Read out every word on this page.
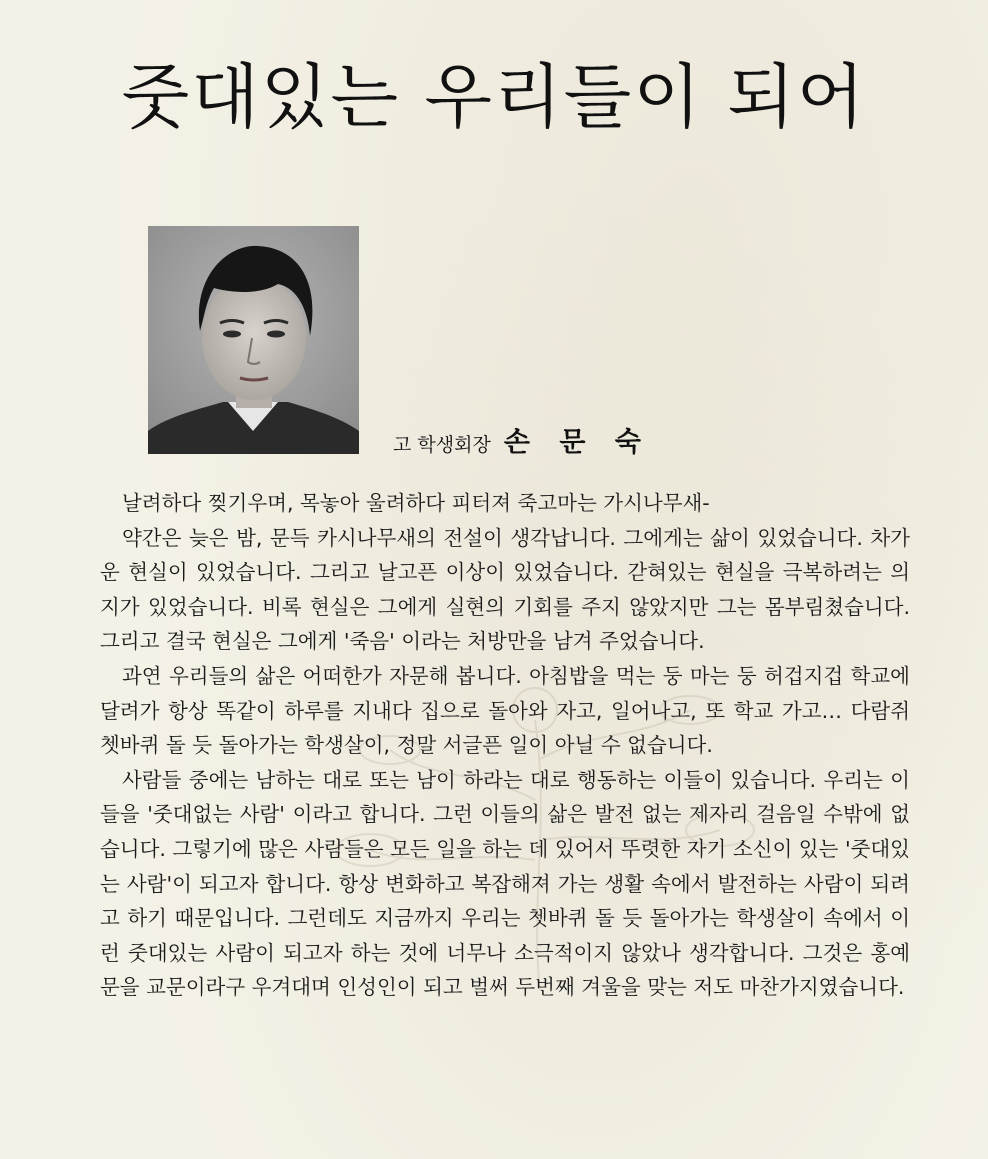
줏대있는 우리들이 되어
고 학생회장 손 문 숙

날려하다 찢기우며, 목놓아 울려하다 피터져 죽고마는 가시나무새-

약간은 늦은 밤, 문득 카시나무새의 전설이 생각납니다. 그에게는 삶이 있었습니다. 차가운 현실이 있었습니다. 그리고 날고픈 이상이 있었습니다. 갇혀있는 현실을 극복하려는 의지가 있었습니다. 비록 현실은 그에게 실현의 기회를 주지 않았지만 그는 몸부림쳤습니다. 그리고 결국 현실은 그에게 '죽음' 이라는 처방만을 남겨 주었습니다.

과연 우리들의 삶은 어떠한가 자문해 봅니다. 아침밥을 먹는 둥 마는 둥 허겁지겁 학교에 달려가 항상 똑같이 하루를 지내다 집으로 돌아와 자고, 일어나고, 또 학교 가고… 다람쥐 쳇바퀴 돌 듯 돌아가는 학생살이, 정말 서글픈 일이 아닐 수 없습니다.

사람들 중에는 남하는 대로 또는 남이 하라는 대로 행동하는 이들이 있습니다. 우리는 이들을 '줏대없는 사람' 이라고 합니다. 그런 이들의 삶은 발전 없는 제자리 걸음일 수밖에 없습니다. 그렇기에 많은 사람들은 모든 일을 하는 데 있어서 뚜렷한 자기 소신이 있는 '줏대있는 사람'이 되고자 합니다. 항상 변화하고 복잡해져 가는 생활 속에서 발전하는 사람이 되려고 하기 때문입니다. 그런데도 지금까지 우리는 쳇바퀴 돌 듯 돌아가는 학생살이 속에서 이런 줏대있는 사람이 되고자 하는 것에 너무나 소극적이지 않았나 생각합니다. 그것은 홍예문을 교문이라구 우겨대며 인성인이 되고 벌써 두번째 겨울을 맞는 저도 마찬가지였습니다.
